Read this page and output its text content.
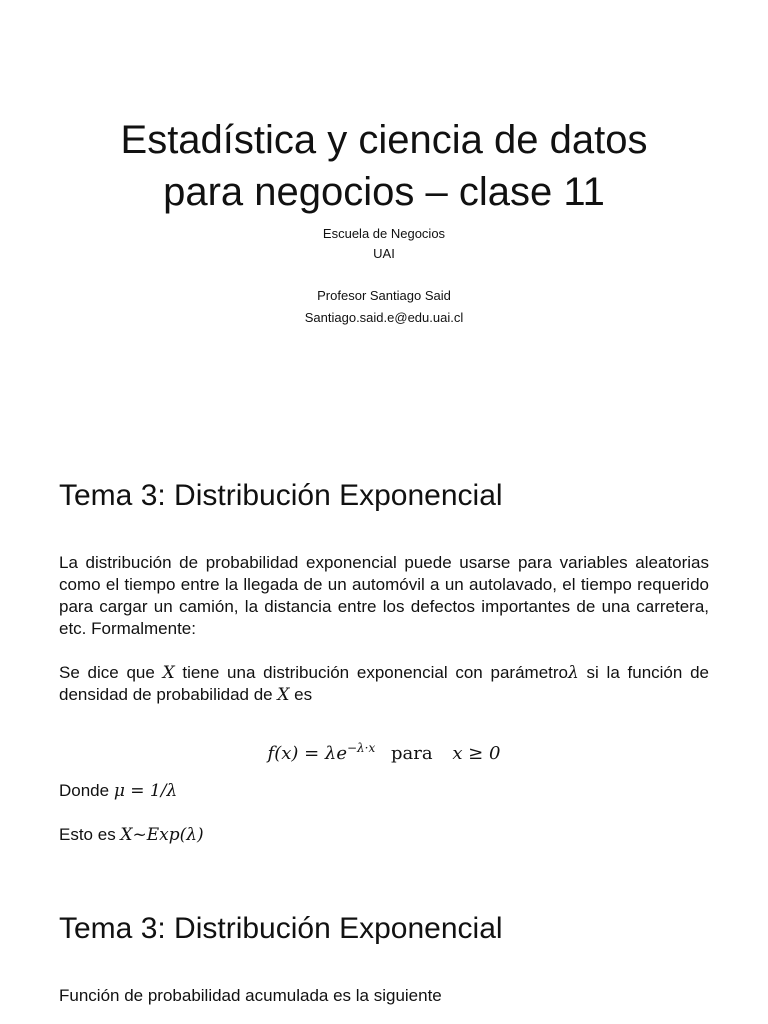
Estadística y ciencia de datos
para negocios – clase 11
Escuela de Negocios
UAI
Profesor Santiago Said
Santiago.said.e@edu.uai.cl
Tema 3: Distribución Exponencial

La distribución de probabilidad exponencial puede usarse para variables aleatorias como el tiempo entre la llegada de un automóvil a un autolavado, el tiempo requerido para cargar un camión, la distancia entre los defectos importantes de una carretera, etc. Formalmente:

Se dice que X tiene una distribución exponencial con parámetroλ si la función de densidad de probabilidad de X es

$f(x) = \lambda e^{-\lambda\cdot x}$ para x ≥ 0
Donde μ = 1/λ
Esto es X~Exp(λ)
Tema 3: Distribución Exponencial
Función de probabilidad acumulada es la siguiente
